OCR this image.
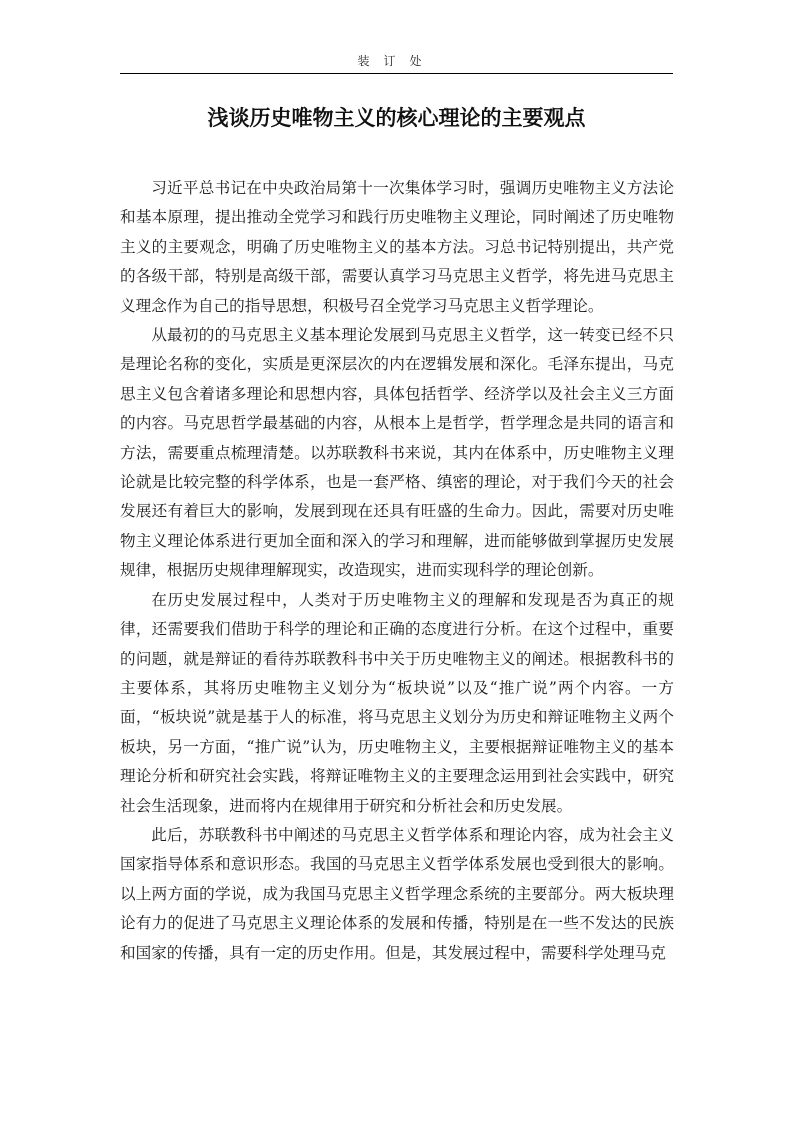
装订处
浅谈历史唯物主义的核心理论的主要观点

习近平总书记在中央政治局第十一次集体学习时，强调历史唯物主义方法论和基本原理，提出推动全党学习和践行历史唯物主义理论，同时阐述了历史唯物主义的主要观念，明确了历史唯物主义的基本方法。习总书记特别提出，共产党的各级干部，特别是高级干部，需要认真学习马克思主义哲学，将先进马克思主义理念作为自己的指导思想，积极号召全党学习马克思主义哲学理论。

从最初的的马克思主义基本理论发展到马克思主义哲学，这一转变已经不只是理论名称的变化，实质是更深层次的内在逻辑发展和深化。毛泽东提出，马克思主义包含着诸多理论和思想内容，具体包括哲学、经济学以及社会主义三方面的内容。马克思哲学最基础的内容，从根本上是哲学，哲学理念是共同的语言和方法，需要重点梳理清楚。以苏联教科书来说，其内在体系中，历史唯物主义理论就是比较完整的科学体系，也是一套严格、缜密的理论，对于我们今天的社会发展还有着巨大的影响，发展到现在还具有旺盛的生命力。因此，需要对历史唯物主义理论体系进行更加全面和深入的学习和理解，进而能够做到掌握历史发展规律，根据历史规律理解现实，改造现实，进而实现科学的理论创新。

在历史发展过程中，人类对于历史唯物主义的理解和发现是否为真正的规律，还需要我们借助于科学的理论和正确的态度进行分析。在这个过程中，重要的问题，就是辩证的看待苏联教科书中关于历史唯物主义的阐述。根据教科书的主要体系，其将历史唯物主义划分为“板块说”以及“推广说”两个内容。一方面，“板块说”就是基于人的标准，将马克思主义划分为历史和辩证唯物主义两个板块，另一方面，“推广说”认为，历史唯物主义，主要根据辩证唯物主义的基本理论分析和研究社会实践，将辩证唯物主义的主要理念运用到社会实践中，研究社会生活现象，进而将内在规律用于研究和分析社会和历史发展。

此后，苏联教科书中阐述的马克思主义哲学体系和理论内容，成为社会主义国家指导体系和意识形态。我国的马克思主义哲学体系发展也受到很大的影响。以上两方面的学说，成为我国马克思主义哲学理念系统的主要部分。两大板块理论有力的促进了马克思主义理论体系的发展和传播，特别是在一些不发达的民族和国家的传播，具有一定的历史作用。但是，其发展过程中，需要科学处理马克
